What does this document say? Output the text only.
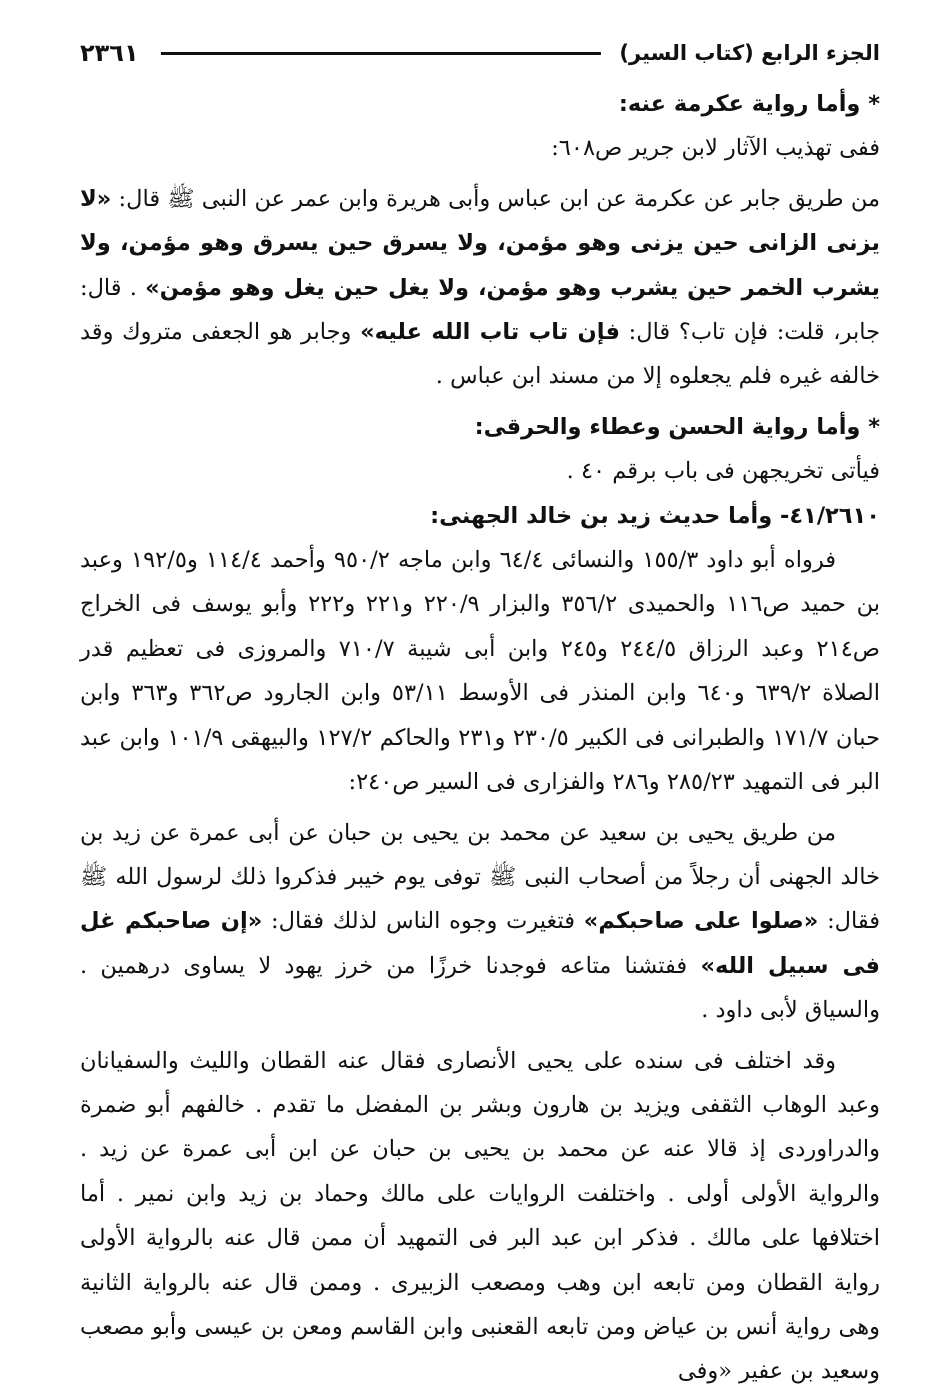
الجزء الرابع (كتاب السير)
٢٣٦١

* وأما رواية عكرمة عنه:

ففى تهذيب الآثار لابن جرير ص٦٠٨:

من طريق جابر عن عكرمة عن ابن عباس وأبى هريرة وابن عمر عن النبى ﷺ قال: «لا يزنى الزانى حين يزنى وهو مؤمن، ولا يسرق حين يسرق وهو مؤمن، ولا يشرب الخمر حين يشرب وهو مؤمن، ولا يغل حين يغل وهو مؤمن» . قال: جابر، قلت: فإن تاب؟ قال: فإن تاب تاب الله عليه» وجابر هو الجعفى متروك وقد خالفه غيره فلم يجعلوه إلا من مسند ابن عباس .

* وأما رواية الحسن وعطاء والحرقى:

فيأتى تخريجهن فى باب برقم ٤٠ .

٤١/٢٦١٠- وأما حديث زيد بن خالد الجهنى:

فرواه أبو داود ١٥٥/٣ والنسائى ٦٤/٤ وابن ماجه ٩٥٠/٢ وأحمد ١١٤/٤ و١٩٢/٥ وعبد بن حميد ص١١٦ والحميدى ٣٥٦/٢ والبزار ٢٢٠/٩ و٢٢١ و٢٢٢ وأبو يوسف فى الخراج ص٢١٤ وعبد الرزاق ٢٤٤/٥ و٢٤٥ وابن أبى شيبة ٧١٠/٧ والمروزى فى تعظيم قدر الصلاة ٦٣٩/٢ و٦٤٠ وابن المنذر فى الأوسط ٥٣/١١ وابن الجارود ص٣٦٢ و٣٦٣ وابن حبان ١٧١/٧ والطبرانى فى الكبير ٢٣٠/٥ و٢٣١ والحاكم ١٢٧/٢ والبيهقى ١٠١/٩ وابن عبد البر فى التمهيد ٢٨٥/٢٣ و٢٨٦ والفزارى فى السير ص٢٤٠:

من طريق يحيى بن سعيد عن محمد بن يحيى بن حبان عن أبى عمرة عن زيد بن خالد الجهنى أن رجلاً من أصحاب النبى ﷺ توفى يوم خيبر فذكروا ذلك لرسول الله ﷺ فقال: «صلوا على صاحبكم» فتغيرت وجوه الناس لذلك فقال: «إن صاحبكم غل فى سبيل الله» ففتشنا متاعه فوجدنا خرزًا من خرز يهود لا يساوى درهمين . والسياق لأبى داود .

وقد اختلف فى سنده على يحيى الأنصارى فقال عنه القطان والليث والسفيانان وعبد الوهاب الثقفى ويزيد بن هارون وبشر بن المفضل ما تقدم . خالفهم أبو ضمرة والدراوردى إذ قالا عنه عن محمد بن يحيى بن حبان عن ابن أبى عمرة عن زيد . والرواية الأولى أولى . واختلفت الروايات على مالك وحماد بن زيد وابن نمير . أما اختلافها على مالك . فذكر ابن عبد البر فى التمهيد أن ممن قال عنه بالرواية الأولى رواية القطان ومن تابعه ابن وهب ومصعب الزبيرى . وممن قال عنه بالرواية الثانية وهى رواية أنس بن عياض ومن تابعه القعنبى وابن القاسم ومعن بن عيسى وأبو مصعب وسعيد بن عفير «وفى
